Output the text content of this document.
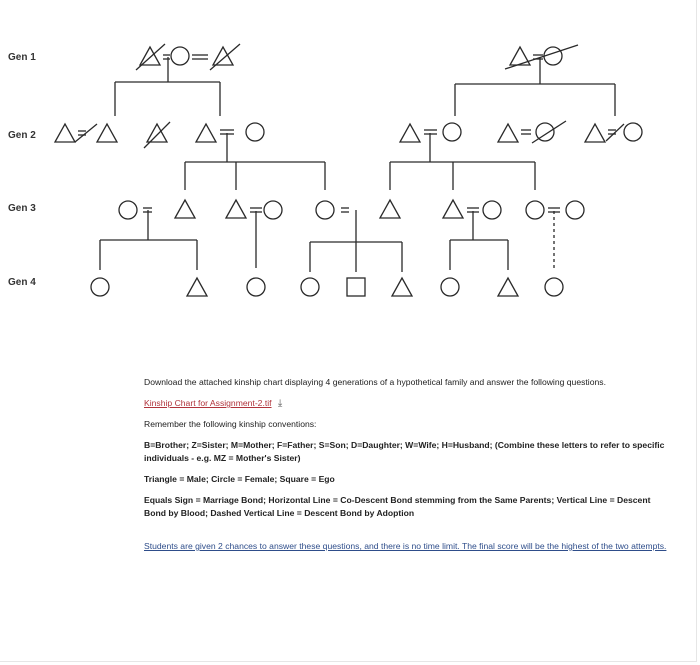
Gen 1
Gen 2
Gen 3
Gen 4

Download the attached kinship chart displaying 4 generations of a hypothetical family and answer the following questions.

Kinship Chart for Assignment-2.tif ⤓

Remember the following kinship conventions:

B=Brother; Z=Sister; M=Mother; F=Father; S=Son; D=Daughter; W=Wife; H=Husband; (Combine these letters to refer to specific individuals - e.g. MZ = Mother's Sister)

Triangle = Male; Circle = Female; Square = Ego

Equals Sign = Marriage Bond; Horizontal Line = Co-Descent Bond stemming from the Same Parents; Vertical Line = Descent Bond by Blood; Dashed Vertical Line = Descent Bond by Adoption

Students are given 2 chances to answer these questions, and there is no time limit. The final score will be the highest of the two attempts.
